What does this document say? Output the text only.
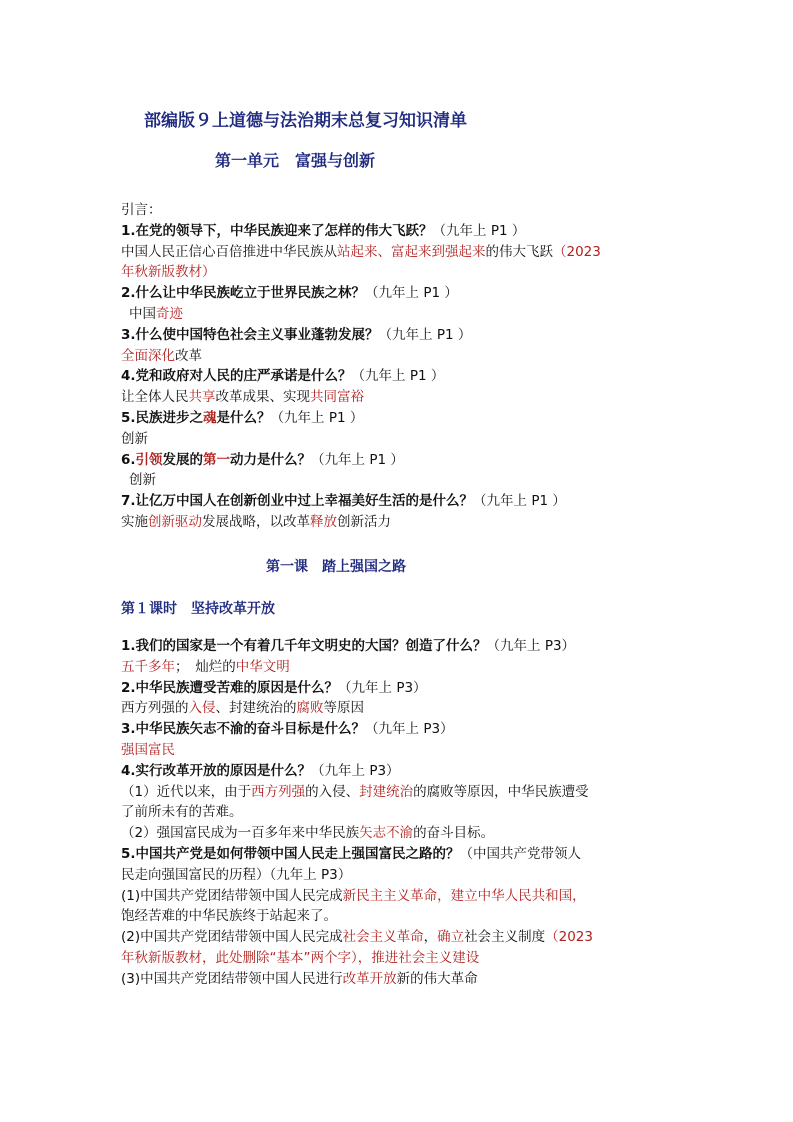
部编版９上道德与法治期末总复习知识清单
第一单元　富强与创新
引言：
1.在党的领导下，中华民族迎来了怎样的伟大飞跃？（九年上 P1 ）
中国人民正信心百倍推进中华民族从站起来、富起来到强起来的伟大飞跃（2023
年秋新版教材）
2.什么让中华民族屹立于世界民族之林？（九年上 P1 ）
中国奇迹
3.什么使中国特色社会主义事业蓬勃发展？（九年上 P1 ）
全面深化改革
4.党和政府对人民的庄严承诺是什么？（九年上 P1 ）
让全体人民共享改革成果、实现共同富裕
5.民族进步之魂是什么？（九年上 P1 ）
创新
6.引领发展的第一动力是什么？（九年上 P1 ）
创新
7.让亿万中国人在创新创业中过上幸福美好生活的是什么？（九年上 P1 ）
实施创新驱动发展战略，以改革释放创新活力
第一课　踏上强国之路
第１课时　坚持改革开放
1.我们的国家是一个有着几千年文明史的大国？创造了什么？（九年上 P3）
五千多年；　灿烂的中华文明
2.中华民族遭受苦难的原因是什么？（九年上 P3）
西方列强的入侵、封建统治的腐败等原因
3.中华民族矢志不渝的奋斗目标是什么？（九年上 P3）
强国富民
4.实行改革开放的原因是什么？（九年上 P3）
（1）近代以来，由于西方列强的入侵、封建统治的腐败等原因，中华民族遭受
了前所未有的苦难。
（2）强国富民成为一百多年来中华民族矢志不渝的奋斗目标。
5.中国共产党是如何带领中国人民走上强国富民之路的？（中国共产党带领人
民走向强国富民的历程）（九年上 P3）
(1)中国共产党团结带领中国人民完成新民主主义革命，建立中华人民共和国，
饱经苦难的中华民族终于站起来了。
(2)中国共产党团结带领中国人民完成社会主义革命，确立社会主义制度（2023
年秋新版教材，此处删除“基本”两个字），推进社会主义建设
(3)中国共产党团结带领中国人民进行改革开放新的伟大革命
